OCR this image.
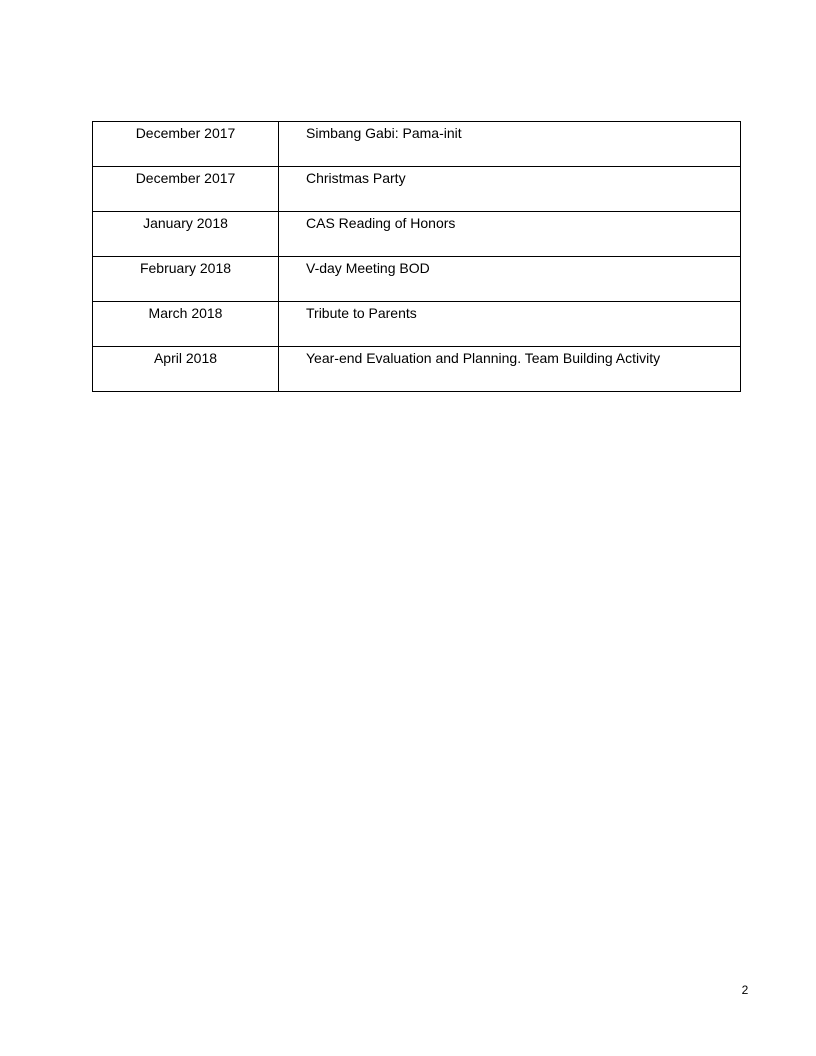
December 2017	Simbang Gabi: Pama-init
December 2017	Christmas Party
January 2018	CAS Reading of Honors
February 2018	V-day Meeting BOD
March 2018	Tribute to Parents
April 2018	Year-end Evaluation and Planning. Team Building Activity
2
